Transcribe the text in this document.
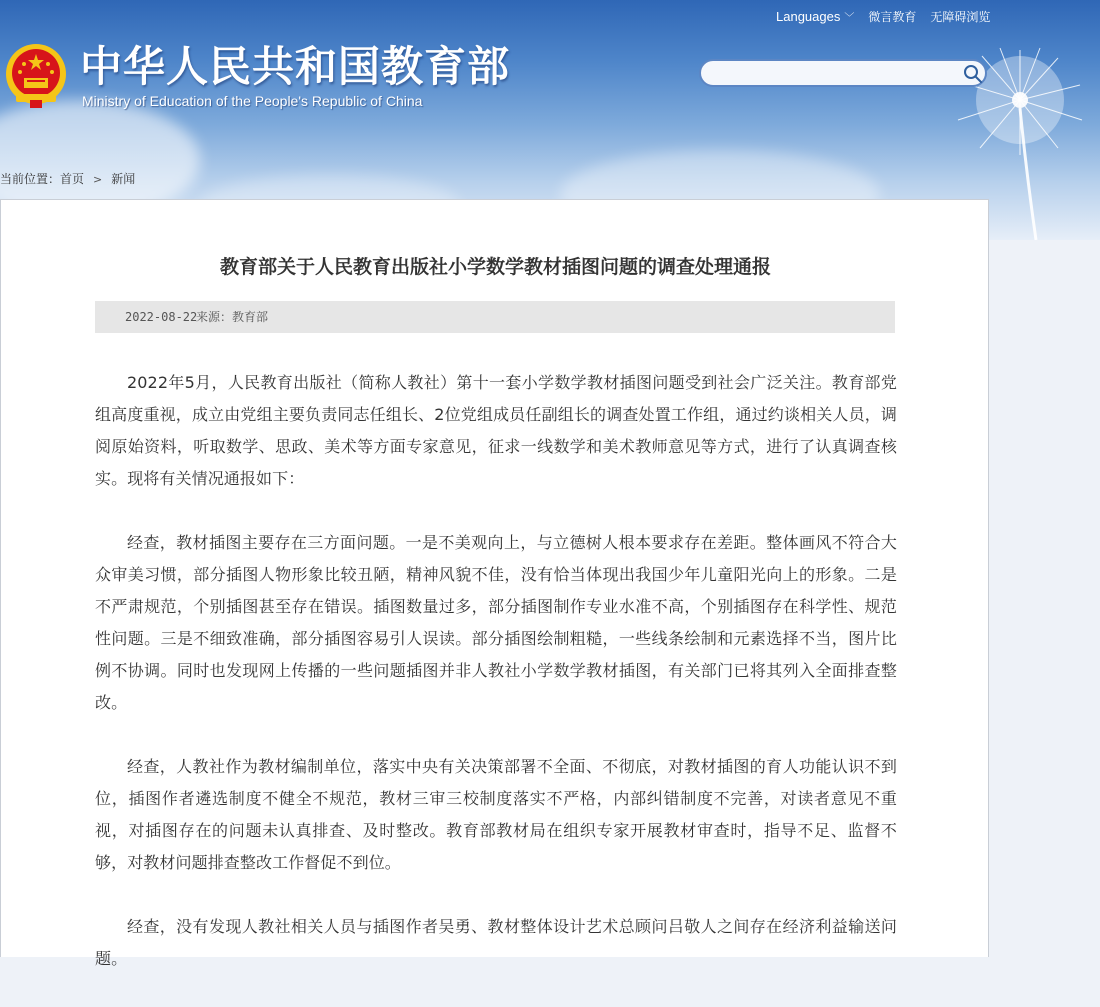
中华人民共和国教育部
Ministry of Education of the People's Republic of China
Languages ﹀ 微言教育 无障碍浏览
当前位置：首页 > 新闻
教育部关于人民教育出版社小学数学教材插图问题的调查处理通报
2022-08-22
来源： 教育部

2022年5月，人民教育出版社（简称人教社）第十一套小学数学教材插图问题受到社会广泛关注。教育部党组高度重视，成立由党组主要负责同志任组长、2位党组成员任副组长的调查处置工作组，通过约谈相关人员，调阅原始资料，听取数学、思政、美术等方面专家意见，征求一线数学和美术教师意见等方式，进行了认真调查核实。现将有关情况通报如下：

经查，教材插图主要存在三方面问题。一是不美观向上，与立德树人根本要求存在差距。整体画风不符合大众审美习惯，部分插图人物形象比较丑陋，精神风貌不佳，没有恰当体现出我国少年儿童阳光向上的形象。二是不严肃规范，个别插图甚至存在错误。插图数量过多，部分插图制作专业水准不高，个别插图存在科学性、规范性问题。三是不细致准确，部分插图容易引人误读。部分插图绘制粗糙，一些线条绘制和元素选择不当，图片比例不协调。同时也发现网上传播的一些问题插图并非人教社小学数学教材插图，有关部门已将其列入全面排查整改。

经查，人教社作为教材编制单位，落实中央有关决策部署不全面、不彻底，对教材插图的育人功能认识不到位，插图作者遴选制度不健全不规范，教材三审三校制度落实不严格，内部纠错制度不完善，对读者意见不重视，对插图存在的问题未认真排查、及时整改。教育部教材局在组织专家开展教材审查时，指导不足、监督不够，对教材问题排查整改工作督促不到位。

经查，没有发现人教社相关人员与插图作者吴勇、教材整体设计艺术总顾问吕敬人之间存在经济利益输送问题。
